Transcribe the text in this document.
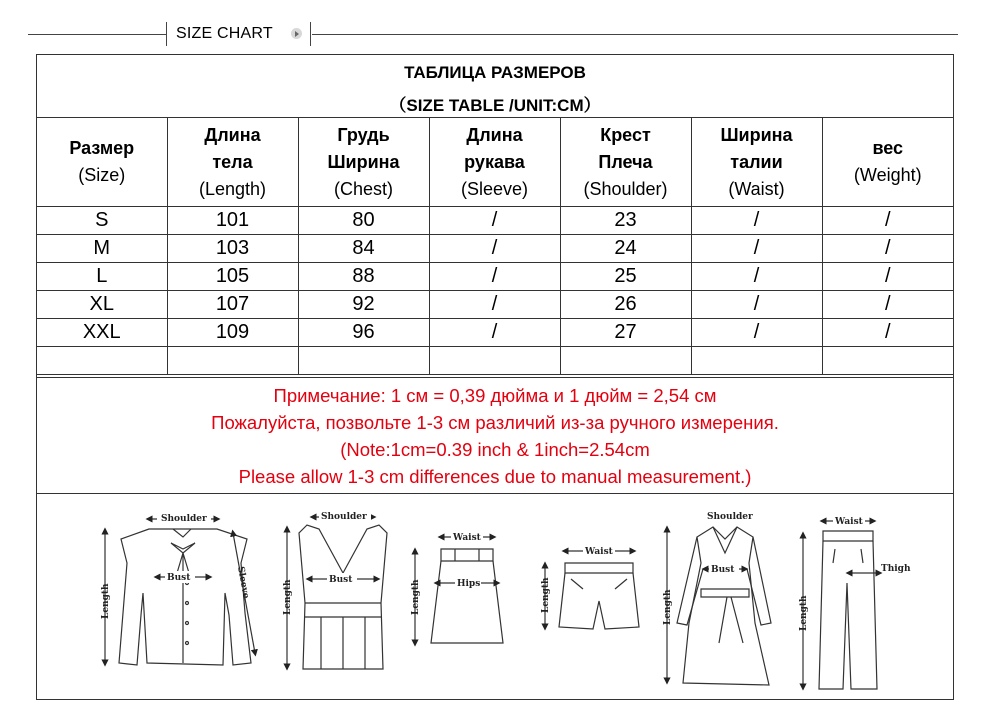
SIZE CHART
ТАБЛИЦА РАЗМЕРОВ
（SIZE TABLE /UNIT:CM）
Размер
(Size)	Длина
тела
(Length)	Грудь
Ширина
(Chest)	Длина
рукава
(Sleeve)	Крест
Плеча
(Shoulder)	Ширина
талии
(Waist)	вес
(Weight)
S	101	80	/	23	/	/
M	103	84	/	24	/	/
L	105	88	/	25	/	/
XL	107	92	/	26	/	/
XXL	109	96	/	27	/	/

Примечание: 1 см = 0,39 дюйма и 1 дюйм = 2,54 см
Пожалуйста, позвольте 1-3 см различий из-за ручного измерения.
(Note:1cm=0.39 inch & 1inch=2.54cm
Please allow 1-3 cm differences due to manual measurement.)
Shoulder
Bust
Length
Sleeve
Shoulder
Bust
Length
Waist
Hips
Length
Waist
Length
Shoulder
Bust
Length
Waist
Thigh
Length
